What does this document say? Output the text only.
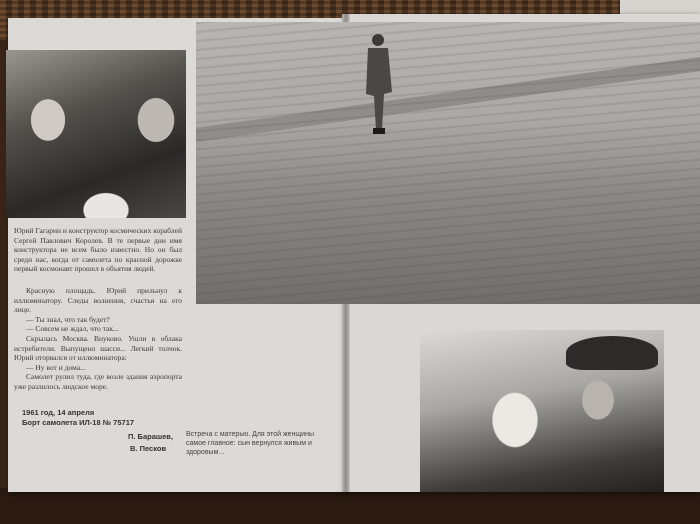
Юрий Гагарин и конструктор космических кораблей Сергей Павлович Королев. В те первые дни имя конструктора не всем было известно. Но он был среди нас, когда от самолета по красной дорожке первый космонавт прошел в объятия людей.

Красную площадь. Юрий прильнул к иллюминатору. Следы волнения, счастья на его лице.

— Ты знал, что так будет?

— Совсем не ждал, что так...

Скрылась Москва. Внуково. Ушли в облака истребители. Выпущено шасси... Легкий толчок. Юрий оторвался от иллюминатора:

— Ну вот и дома...

Самолет рулил туда, где возле здания аэропорта уже разлилось людское море.

1961 год, 14 апреля

Борт самолета ИЛ-18 № 75717

П. Барашев,

В. Песков

Встреча с матерью. Для этой женщины самое главное: сын вернулся живым и здоровым...
